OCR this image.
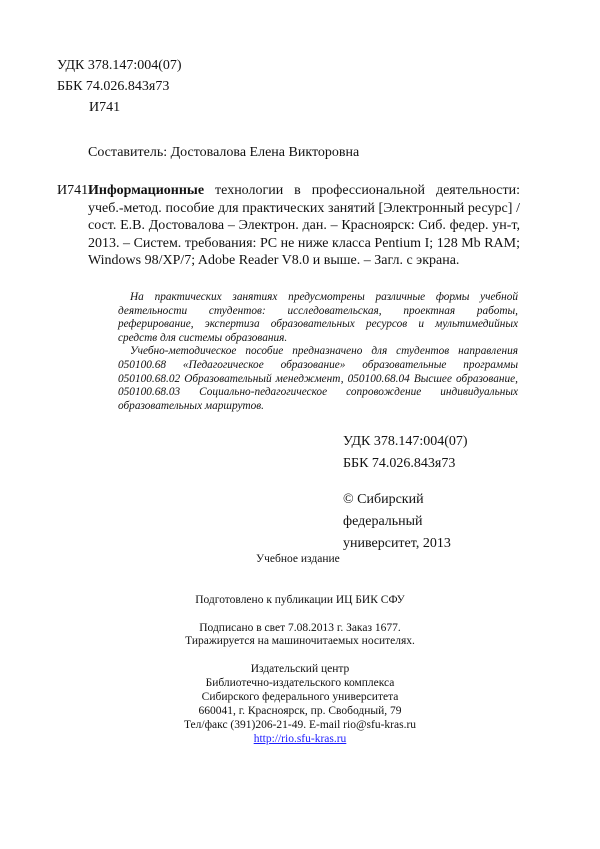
УДК 378.147:004(07)
ББК 74.026.843я73
И741
Составитель: Достовалова Елена Викторовна
И741 Информационные технологии в профессиональной деятельности: учеб.-метод. пособие для практических занятий [Электронный ресурс] / сост. Е.В. Достовалова – Электрон. дан. – Красноярск: Сиб. федер. ун-т, 2013. – Систем. требования: PC не ниже класса Pentium I; 128 Mb RAM; Windows 98/XP/7; Adobe Reader V8.0 и выше. – Загл. с экрана.

На практических занятиях предусмотрены различные формы учебной деятельности студентов: исследовательская, проектная работы, реферирование, экспертиза образовательных ресурсов и мультимедийных средств для системы образования.

Учебно-методическое пособие предназначено для студентов направления 050100.68 «Педагогическое образование» образовательные программы 050100.68.02 Образовательный менеджмент, 050100.68.04 Высшее образование, 050100.68.03 Социально-педагогическое сопровождение индивидуальных образовательных маршрутов.

УДК 378.147:004(07)
ББК 74.026.843я73
© Сибирский
федеральный
университет, 2013
Учебное издание
Подготовлено к публикации ИЦ БИК СФУ
Подписано в свет 7.08.2013 г. Заказ 1677.
Тиражируется на машиночитаемых носителях.
Издательский центр
Библиотечно-издательского комплекса
Сибирского федерального университета
660041, г. Красноярск, пр. Свободный, 79
Тел/факс (391)206-21-49. E-mail rio@sfu-kras.ru
http://rio.sfu-kras.ru
